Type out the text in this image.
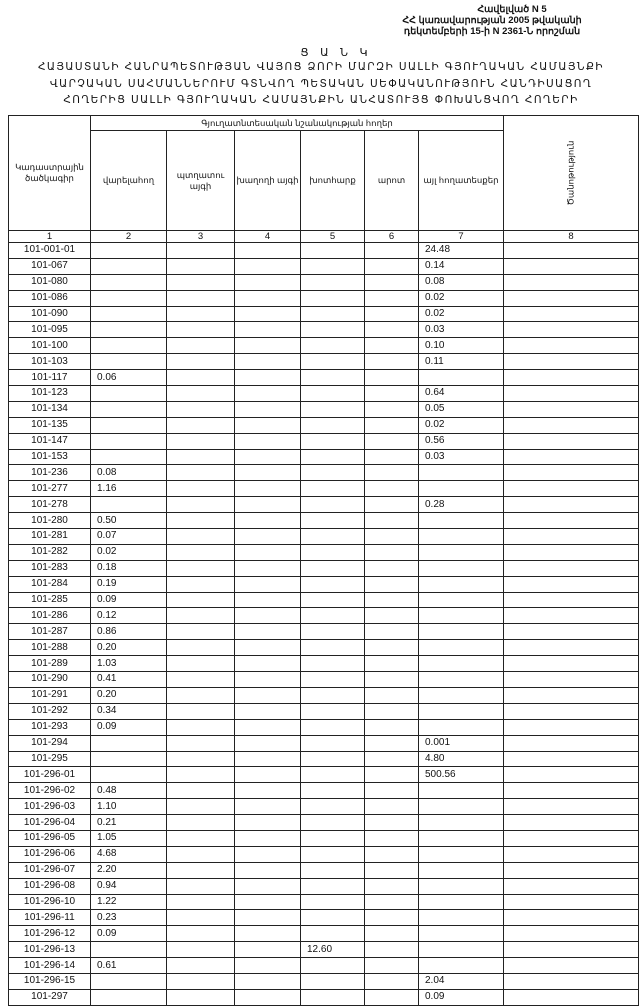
Հավելված N 5
ՀՀ կառավարության 2005 թվականի
դեկտեմբերի 15-ի N 2361-Ն որոշման
Ց Ա Ն Կ
ՀԱՅԱՍՏԱՆԻ ՀԱՆՐԱՊԵՏՈՒԹՅԱՆ ՎԱՅՈՑ ՁՈՐԻ ՄԱՐԶԻ ՍԱԼԼԻ ԳՅՈՒՂԱԿԱՆ ՀԱՄԱՅՆՔԻ
ՎԱՐՉԱԿԱՆ ՍԱՀՄԱՆՆԵՐՈՒՄ ԳՏՆՎՈՂ ՊԵՏԱԿԱՆ ՍԵՓԱԿԱՆՈՒԹՅՈՒՆ ՀԱՆԴԻՍԱՑՈՂ
ՀՈՂԵՐԻՑ ՍԱԼԼԻ ԳՅՈՒՂԱԿԱՆ ՀԱՄԱՅՆՔԻՆ ԱՆՀԱՏՈՒՅՑ ՓՈԽԱՆՑՎՈՂ ՀՈՂԵՐԻ
Կադաստրային ծածկագիր	Գյուղատնտեսական նշանակության հողեր						Ծանոթություն

	վարելահող	պտղատու այգի	խաղողի այգի	խոտհարք	արոտ	այլ հողատեսքեր	
1	2	3	4	5	6	7	8
101-001-01						24.48	
101-067						0.14	
101-080						0.08	
101-086						0.02	
101-090						0.02	
101-095						0.03	
101-100						0.10	
101-103						0.11	
101-117	0.06						
101-123						0.64	
101-134						0.05	
101-135						0.02	
101-147						0.56	
101-153						0.03	
101-236	0.08						
101-277	1.16						
101-278						0.28	
101-280	0.50						
101-281	0.07						
101-282	0.02						
101-283	0.18						
101-284	0.19						
101-285	0.09						
101-286	0.12						
101-287	0.86						
101-288	0.20						
101-289	1.03						
101-290	0.41						
101-291	0.20						
101-292	0.34						
101-293	0.09						
101-294						0.001	
101-295						4.80	
101-296-01						500.56	
101-296-02	0.48						
101-296-03	1.10						
101-296-04	0.21						
101-296-05	1.05						
101-296-06	4.68						
101-296-07	2.20						
101-296-08	0.94						
101-296-10	1.22						
101-296-11	0.23						
101-296-12	0.09						
101-296-13				12.60			
101-296-14	0.61						
101-296-15						2.04	
101-297						0.09	
